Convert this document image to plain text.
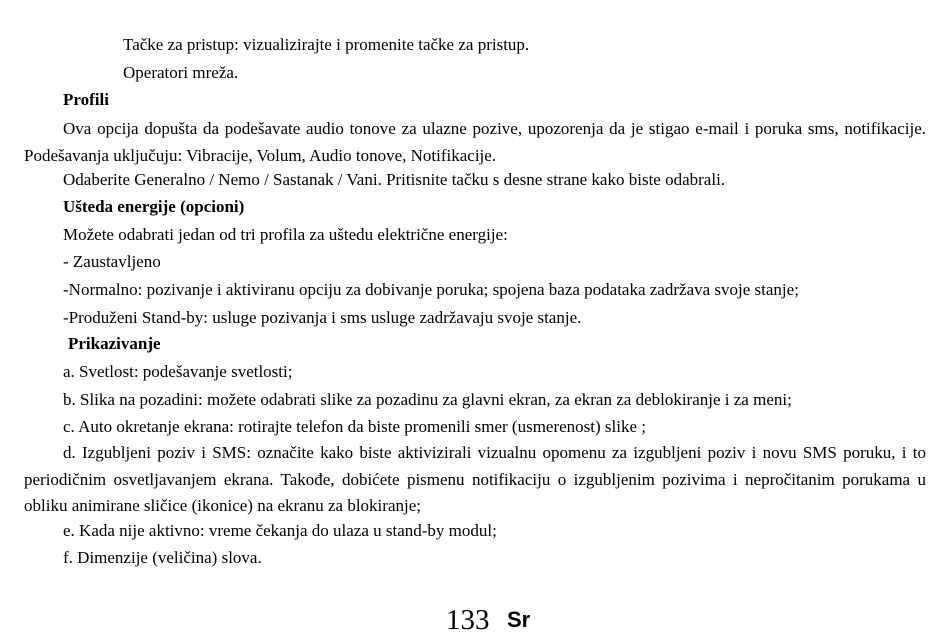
Tačke za pristup: vizualizirajte i promenite tačke za pristup.
Operatori mreža.
Profili
Ova opcija dopušta da podešavate audio tonove za ulazne pozive, upozorenja da je stigao e-mail i poruka sms, notifikacije. Podešavanja uključuju: Vibracije, Volum, Audio tonove, Notifikacije.
Odaberite Generalno / Nemo / Sastanak / Vani. Pritisnite tačku s desne strane kako biste odabrali.
Ušteda energije (opcioni)
Možete odabrati jedan od tri profila za uštedu električne energije:
- Zaustavljeno
-Normalno: pozivanje i aktiviranu opciju za dobivanje poruka; spojena baza podataka zadržava svoje stanje;
-Produženi Stand-by: usluge pozivanja i sms usluge zadržavaju svoje stanje.
Prikazivanje
a. Svetlost: podešavanje svetlosti;
b. Slika na pozadini: možete odabrati slike za pozadinu za glavni ekran, za ekran za deblokiranje i za meni;
c. Auto okretanje ekrana: rotirajte telefon da biste promenili smer (usmerenost) slike ;
d. Izgubljeni poziv i SMS: označite kako biste aktivizirali vizualnu opomenu za izgubljeni poziv i novu SMS poruku, i to periodičnim osvetljavanjem ekrana. Takođe, dobićete pismenu notifikaciju o izgubljenim pozivima i nepročitanim porukama u obliku animirane sličice (ikonice) na ekranu za blokiranje;
e. Kada nije aktivno: vreme čekanja do ulaza u stand-by modul;
f. Dimenzije (veličina) slova.
133 Sr
